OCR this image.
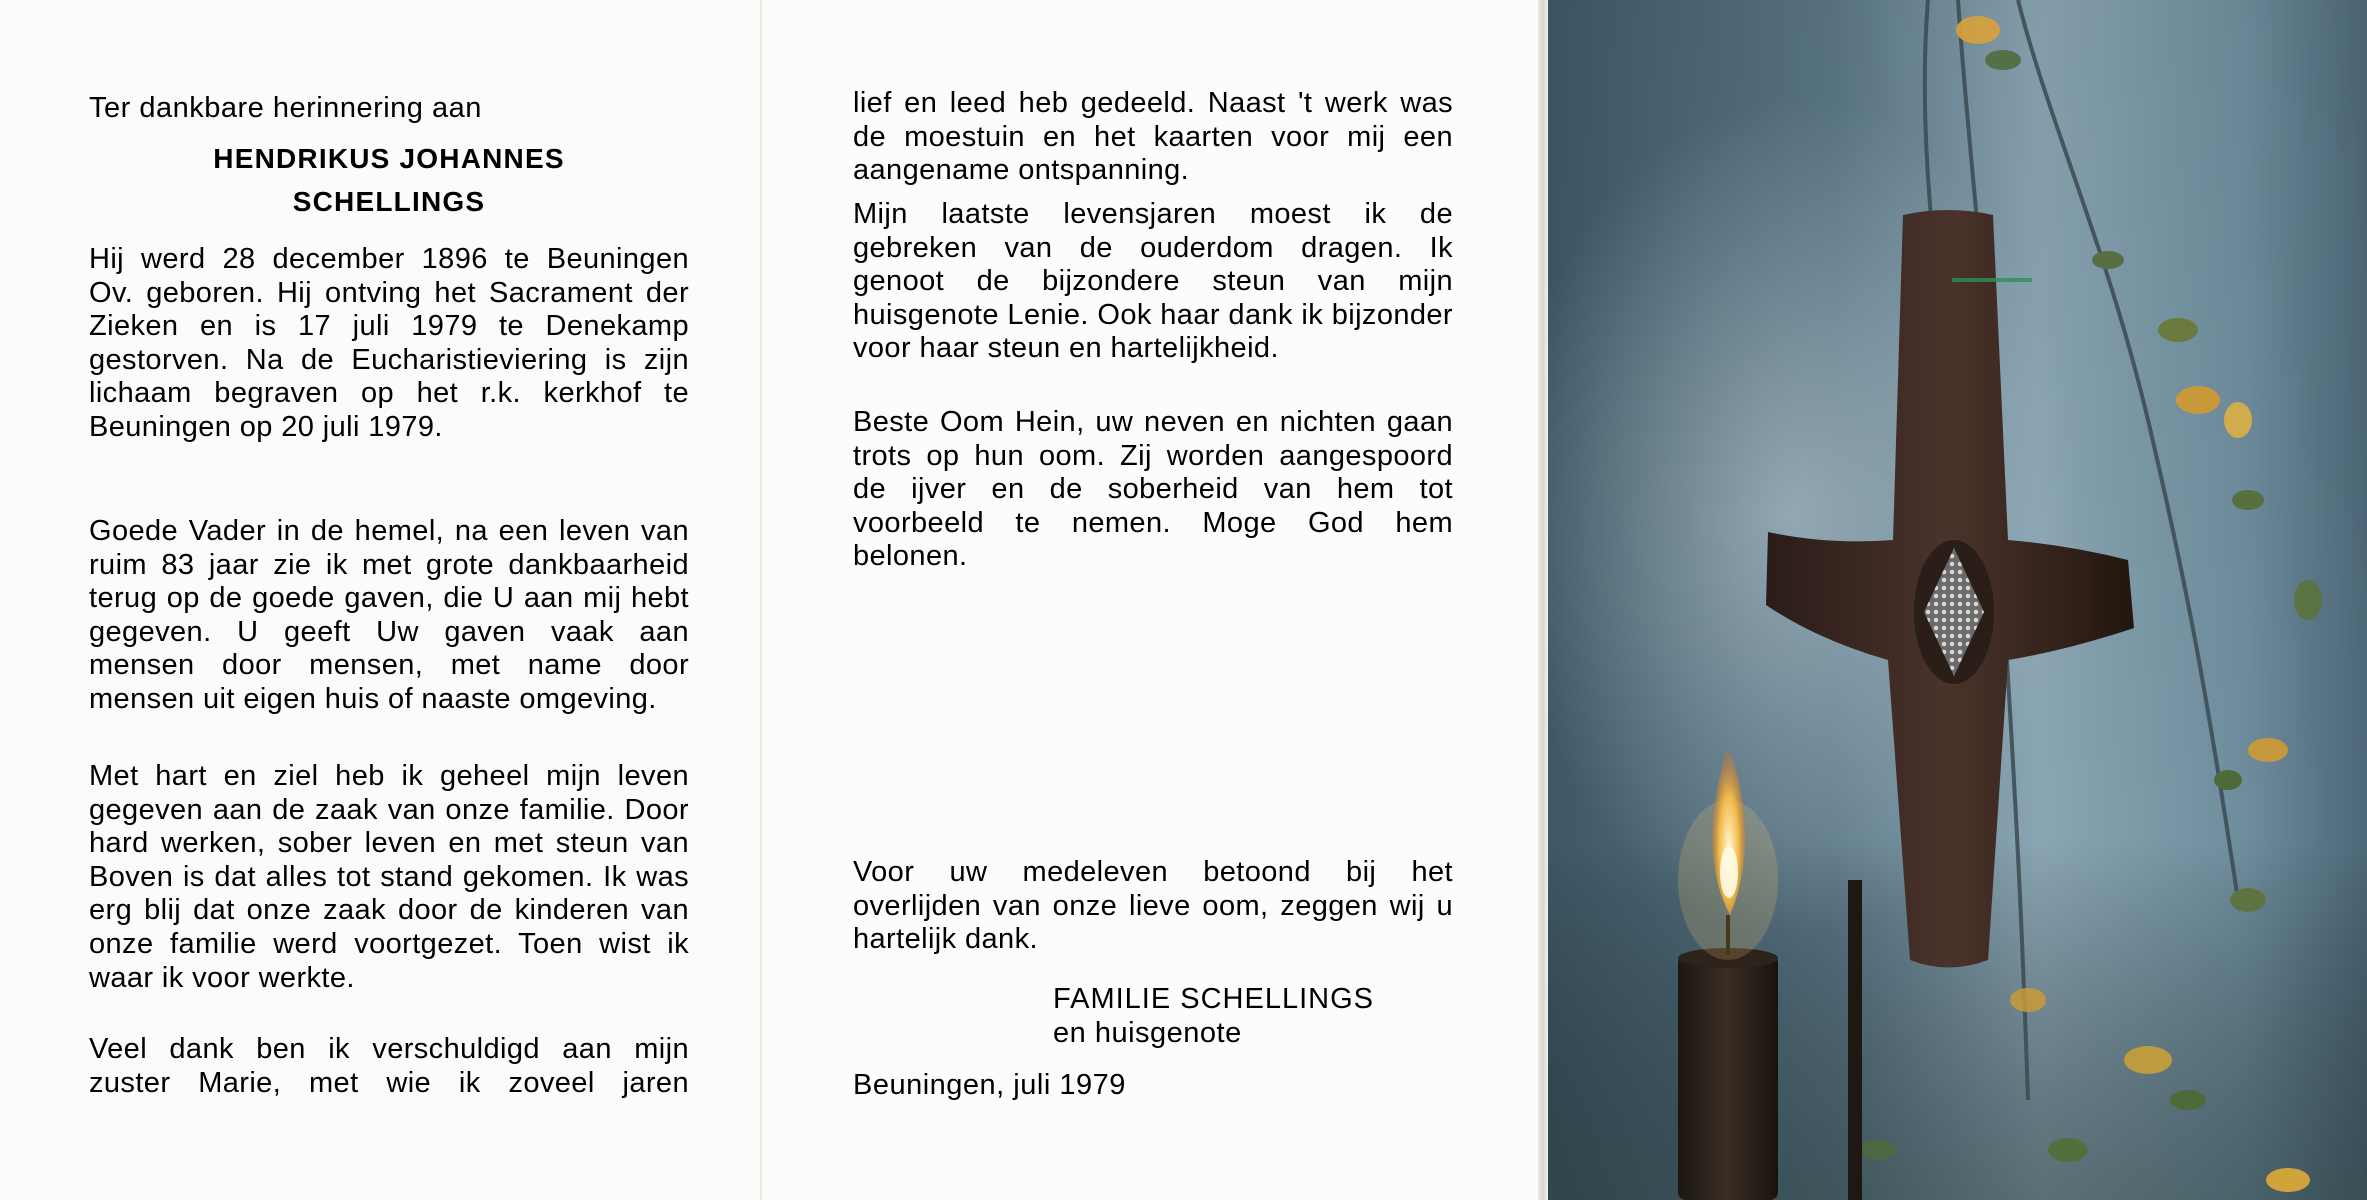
Ter dankbare herinnering aan
HENDRIKUS JOHANNES
SCHELLINGS

Hij werd 28 december 1896 te Beuningen Ov. geboren. Hij ontving het Sacrament der Zieken en is 17 juli 1979 te Denekamp gestorven. Na de Eucharistieviering is zijn lichaam begraven op het r.k. kerkhof te Beuningen op 20 juli 1979.

Goede Vader in de hemel, na een leven van ruim 83 jaar zie ik met grote dankbaarheid terug op de goede gaven, die U aan mij hebt gegeven. U geeft Uw gaven vaak aan mensen door mensen, met name door mensen uit eigen huis of naaste omgeving.

Met hart en ziel heb ik geheel mijn leven gegeven aan de zaak van onze familie. Door hard werken, sober leven en met steun van Boven is dat alles tot stand gekomen. Ik was erg blij dat onze zaak door de kinderen van onze familie werd voortgezet. Toen wist ik waar ik voor werkte.

Veel dank ben ik verschuldigd aan mijn zuster Marie, met wie ik zoveel jaren

lief en leed heb gedeeld. Naast 't werk was de moestuin en het kaarten voor mij een aangename ontspanning.

Mijn laatste levensjaren moest ik de gebreken van de ouderdom dragen. Ik genoot de bijzondere steun van mijn huisgenote Lenie. Ook haar dank ik bijzonder voor haar steun en hartelijkheid.

Beste Oom Hein, uw neven en nichten gaan trots op hun oom. Zij worden aangespoord de ijver en de soberheid van hem tot voorbeeld te nemen. Moge God hem belonen.

Voor uw medeleven betoond bij het overlijden van onze lieve oom, zeggen wij u hartelijk dank.

FAMILIE SCHELLINGS
en huisgenote
Beuningen, juli 1979
